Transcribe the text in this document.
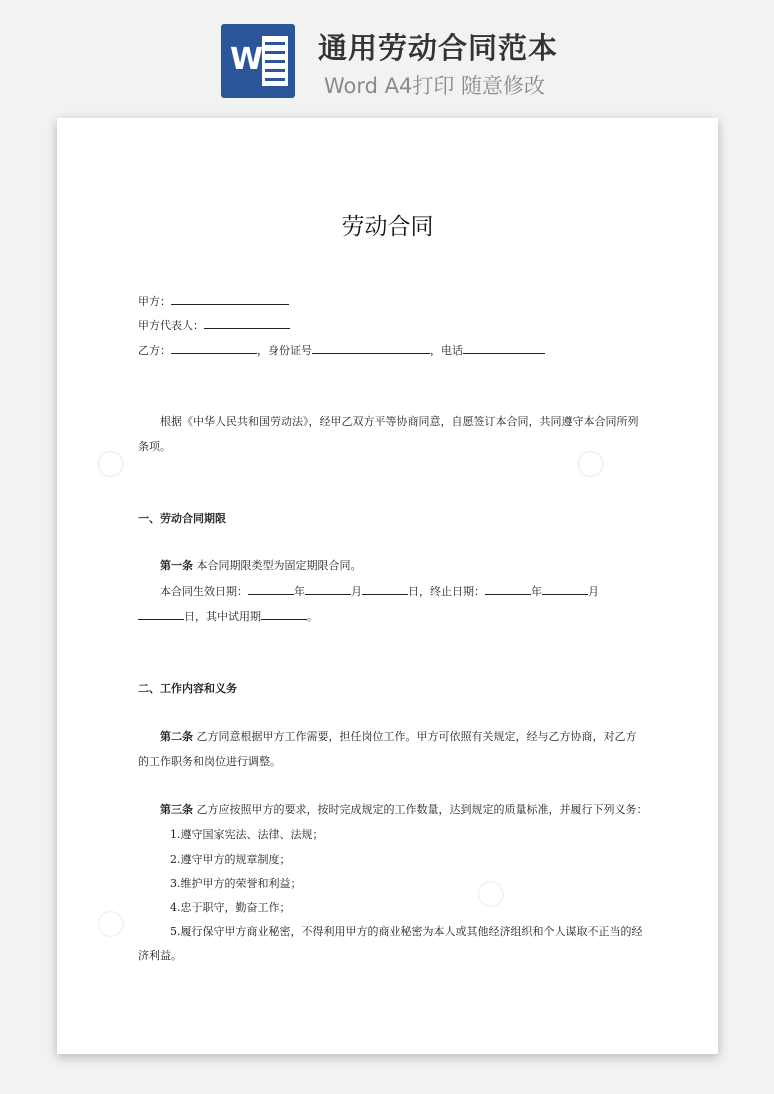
W 通用劳动合同范本
Word A4打印 随意修改
◯	◯
◯
◯
劳动合同
甲方：
甲方代表人：
乙方：	，身份证号	，电话
根据《中华人民共和国劳动法》，经甲乙双方平等协商同意，自愿签订本合同，共同遵守本合同所列
条项。
一、劳动合同期限
第一条 本合同期限类型为固定期限合同。
本合同生效日期：	年	月	日，终止日期：	年	月
日，其中试用期	。
二、工作内容和义务
第二条 乙方同意根据甲方工作需要，担任岗位工作。甲方可依照有关规定，经与乙方协商，对乙方
的工作职务和岗位进行调整。
第三条 乙方应按照甲方的要求，按时完成规定的工作数量，达到规定的质量标准，并履行下列义务：
1.遵守国家宪法、法律、法规；
2.遵守甲方的规章制度；
3.维护甲方的荣誉和利益；
4.忠于职守，勤奋工作；
5.履行保守甲方商业秘密，不得利用甲方的商业秘密为本人或其他经济组织和个人谋取不正当的经
济利益。
